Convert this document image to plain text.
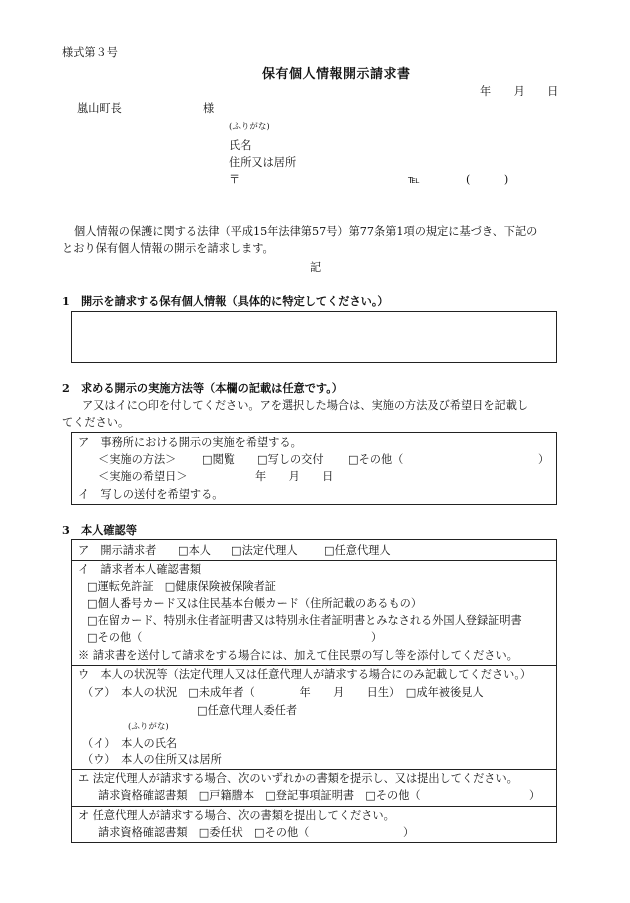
様式第３号
保有個人情報開示請求書
年　　月　　日
嵐山町長	様
(ふりがな)
氏名
住所又は居所
〒	℡	(　　　)
個人情報の保護に関する法律（平成15年法律第57号）第77条第1項の規定に基づき、下記の
とおり保有個人情報の開示を請求します。
記
1　開示を請求する保有個人情報（具体的に特定してください。）
2　求める開示の実施方法等（本欄の記載は任意です。）
ア又はイに○印を付してください。アを選択した場合は、実施の方法及び希望日を記載し
てください。
ア　事務所における開示の実施を希望する。
＜実施の方法＞ □閲覧 □写しの交付 □その他（	）
＜実施の希望日＞	年　　月　　日
イ　写しの送付を希望する。
3　本人確認等
ア　開示請求者 □本人 □法定代理人 □任意代理人
イ　請求者本人確認書類
□運転免許証　□健康保険被保険者証
□個人番号カード又は住民基本台帳カード（住所記載のあるもの）
□在留カード、特別永住者証明書又は特別永住者証明書とみなされる外国人登録証明書
□その他（	）
※ 請求書を送付して請求をする場合には、加えて住民票の写し等を添付してください。
ウ　本人の状況等（法定代理人又は任意代理人が請求する場合にのみ記載してください。）
（ア）　本人の状況　□未成年者（　　　　年　　月　　日生）　□成年被後見人
□任意代理人委任者
(ふりがな)
（イ）　本人の氏名
（ウ）　本人の住所又は居所
エ 法定代理人が請求する場合、次のいずれかの書類を提示し、又は提出してください。
請求資格確認書類　□戸籍謄本　□登記事項証明書　□その他（	）
オ 任意代理人が請求する場合、次の書類を提出してください。
請求資格確認書類　□委任状　□その他（	）
